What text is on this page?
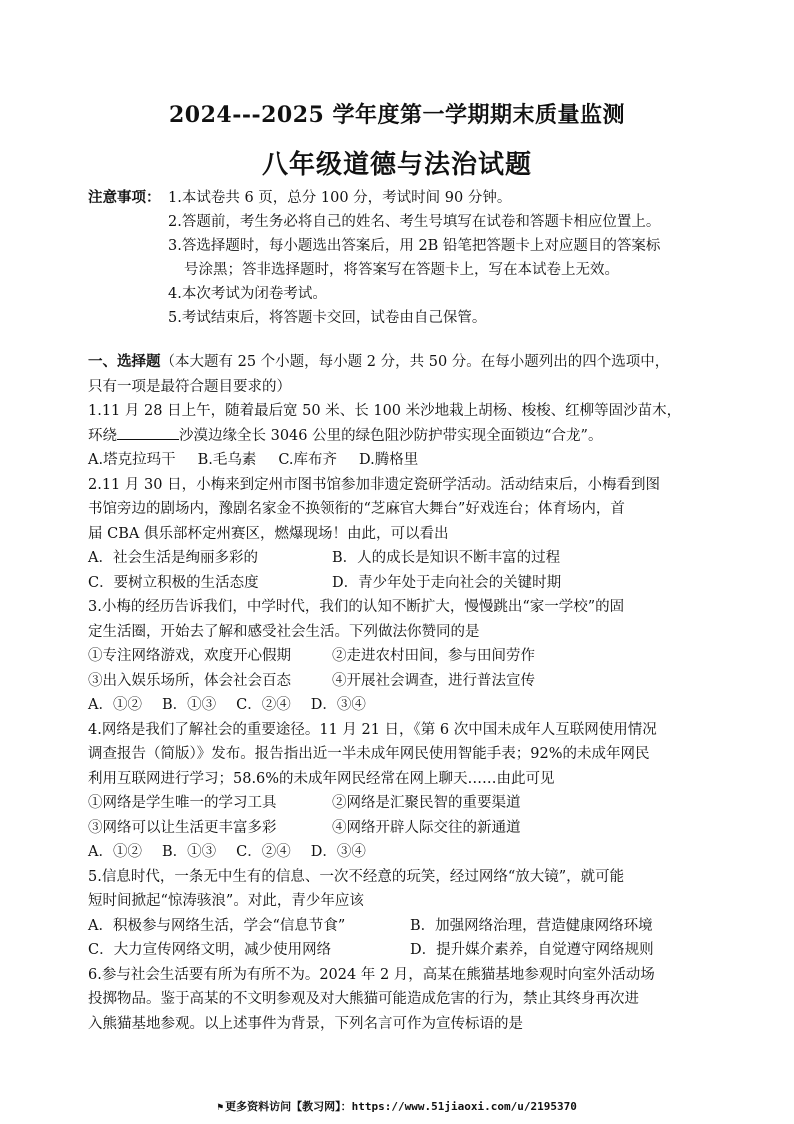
2024---2025 学年度第一学期期末质量监测
八年级道德与法治试题
注意事项： 1.本试卷共 6 页，总分 100 分，考试时间 90 分钟。
2.答题前，考生务必将自己的姓名、考生号填写在试卷和答题卡相应位置上。
3.答选择题时，每小题选出答案后，用 2B 铅笔把答题卡上对应题目的答案标
号涂黑；答非选择题时，将答案写在答题卡上，写在本试卷上无效。
4.本次考试为闭卷考试。
5.考试结束后，将答题卡交回，试卷由自己保管。

一、选择题（本大题有 25 个小题，每小题 2 分，共 50 分。在每小题列出的四个选项中，

只有一项是最符合题目要求的）

1.11 月 28 日上午，随着最后宽 50 米、长 100 米沙地栽上胡杨、梭梭、红柳等固沙苗木，

环绕	沙漠边缘全长 3046 公里的绿色阻沙防护带实现全面锁边“合龙”。

A.塔克拉玛干 B.毛乌素 C.库布齐 D.腾格里

2.11 月 30 日，小梅来到定州市图书馆参加非遗定瓷研学活动。活动结束后，小梅看到图

书馆旁边的剧场内，豫剧名家金不换领衔的“芝麻官大舞台”好戏连台；体育场内，首

届 CBA 俱乐部杯定州赛区，燃爆现场！由此，可以看出

A．社会生活是绚丽多彩的	B．人的成长是知识不断丰富的过程
C．要树立积极的生活态度	D．青少年处于走向社会的关键时期

3.小梅的经历告诉我们，中学时代，我们的认知不断扩大，慢慢跳出“家一学校”的固

定生活圈，开始去了解和感受社会生活。下列做法你赞同的是

①专注网络游戏，欢度开心假期	②走进农村田间，参与田间劳作
③出入娱乐场所，体会社会百态	④开展社会调查，进行普法宣传
A．①② B．①③ C．②④ D．③④

4.网络是我们了解社会的重要途径。11 月 21 日，《第 6 次中国未成年人互联网使用情况

调查报告（简版）》发布。报告指出近一半未成年网民使用智能手表；92%的未成年网民

利用互联网进行学习；58.6%的未成年网民经常在网上聊天……由此可见

①网络是学生唯一的学习工具	②网络是汇聚民智的重要渠道
③网络可以让生活更丰富多彩	④网络开辟人际交往的新通道
A．①② B．①③ C．②④ D．③④

5.信息时代，一条无中生有的信息、一次不经意的玩笑，经过网络“放大镜”，就可能

短时间掀起“惊涛骇浪”。对此，青少年应该

A．积极参与网络生活，学会“信息节食”	B．加强网络治理，营造健康网络环境
C．大力宣传网络文明，减少使用网络	D．提升媒介素养，自觉遵守网络规则

6.参与社会生活要有所为有所不为。2024 年 2 月，高某在熊猫基地参观时向室外活动场

投掷物品。鉴于高某的不文明参观及对大熊猫可能造成危害的行为，禁止其终身再次进

入熊猫基地参观。以上述事件为背景，下列名言可作为宣传标语的是

⚑ 更多资料访问【教习网】：https://www.51jiaoxi.com/u/2195370
